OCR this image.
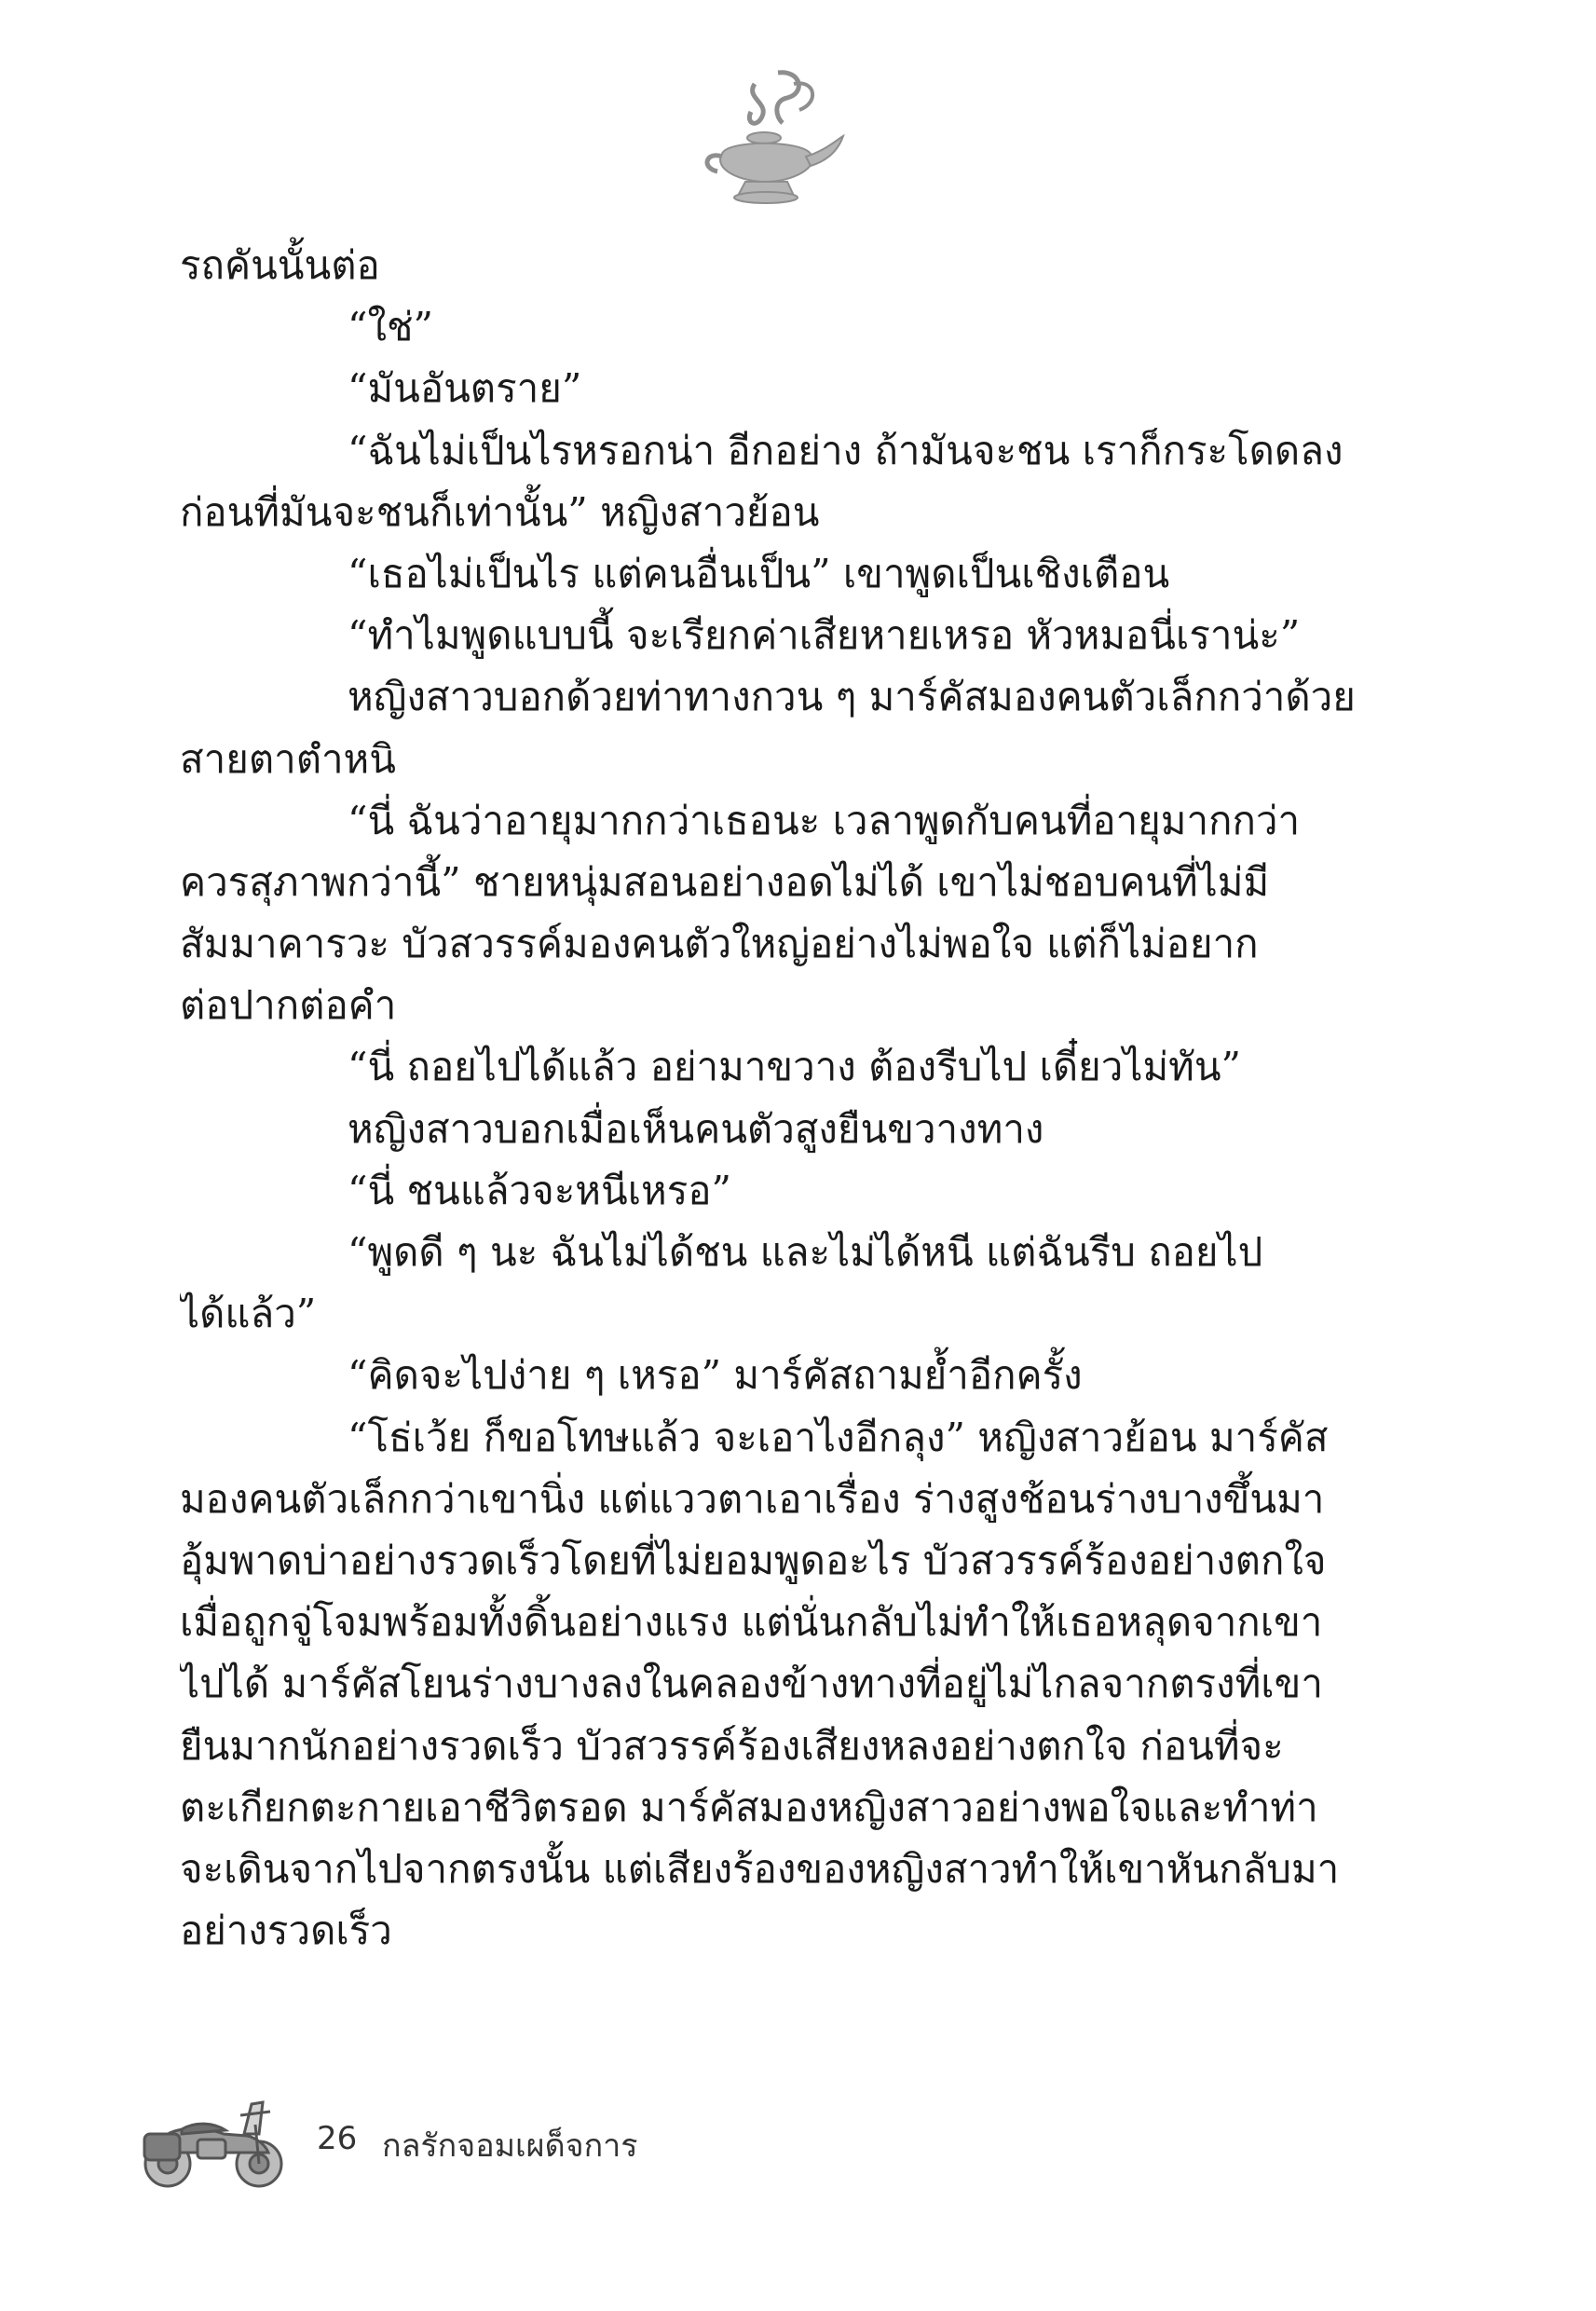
รถคันนั้นต่อ
“ใช่”
“มันอันตราย”
“ฉันไม่เป็นไรหรอกน่า อีกอย่าง ถ้ามันจะชน เราก็กระโดดลง
ก่อนที่มันจะชนก็เท่านั้น” หญิงสาวย้อน
“เธอไม่เป็นไร แต่คนอื่นเป็น” เขาพูดเป็นเชิงเตือน
“ทำไมพูดแบบนี้ จะเรียกค่าเสียหายเหรอ หัวหมอนี่เราน่ะ”
หญิงสาวบอกด้วยท่าทางกวน ๆ มาร์คัสมองคนตัวเล็กกว่าด้วย
สายตาตำหนิ
“นี่ ฉันว่าอายุมากกว่าเธอนะ เวลาพูดกับคนที่อายุมากกว่า
ควรสุภาพกว่านี้” ชายหนุ่มสอนอย่างอดไม่ได้ เขาไม่ชอบคนที่ไม่มี
สัมมาคารวะ บัวสวรรค์มองคนตัวใหญ่อย่างไม่พอใจ แต่ก็ไม่อยาก
ต่อปากต่อคำ
“นี่ ถอยไปได้แล้ว อย่ามาขวาง ต้องรีบไป เดี๋ยวไม่ทัน”
หญิงสาวบอกเมื่อเห็นคนตัวสูงยืนขวางทาง
“นี่ ชนแล้วจะหนีเหรอ”
“พูดดี ๆ นะ ฉันไม่ได้ชน และไม่ได้หนี แต่ฉันรีบ ถอยไป
ได้แล้ว”
“คิดจะไปง่าย ๆ เหรอ” มาร์คัสถามย้ำอีกครั้ง
“โธ่เว้ย ก็ขอโทษแล้ว จะเอาไงอีกลุง” หญิงสาวย้อน มาร์คัส
มองคนตัวเล็กกว่าเขานิ่ง แต่แววตาเอาเรื่อง ร่างสูงช้อนร่างบางขึ้นมา
อุ้มพาดบ่าอย่างรวดเร็วโดยที่ไม่ยอมพูดอะไร บัวสวรรค์ร้องอย่างตกใจ
เมื่อถูกจู่โจมพร้อมทั้งดิ้นอย่างแรง แต่นั่นกลับไม่ทำให้เธอหลุดจากเขา
ไปได้ มาร์คัสโยนร่างบางลงในคลองข้างทางที่อยู่ไม่ไกลจากตรงที่เขา
ยืนมากนักอย่างรวดเร็ว บัวสวรรค์ร้องเสียงหลงอย่างตกใจ ก่อนที่จะ
ตะเกียกตะกายเอาชีวิตรอด มาร์คัสมองหญิงสาวอย่างพอใจและทำท่า
จะเดินจากไปจากตรงนั้น แต่เสียงร้องของหญิงสาวทำให้เขาหันกลับมา
อย่างรวดเร็ว
26 กลรักจอมเผด็จการ
